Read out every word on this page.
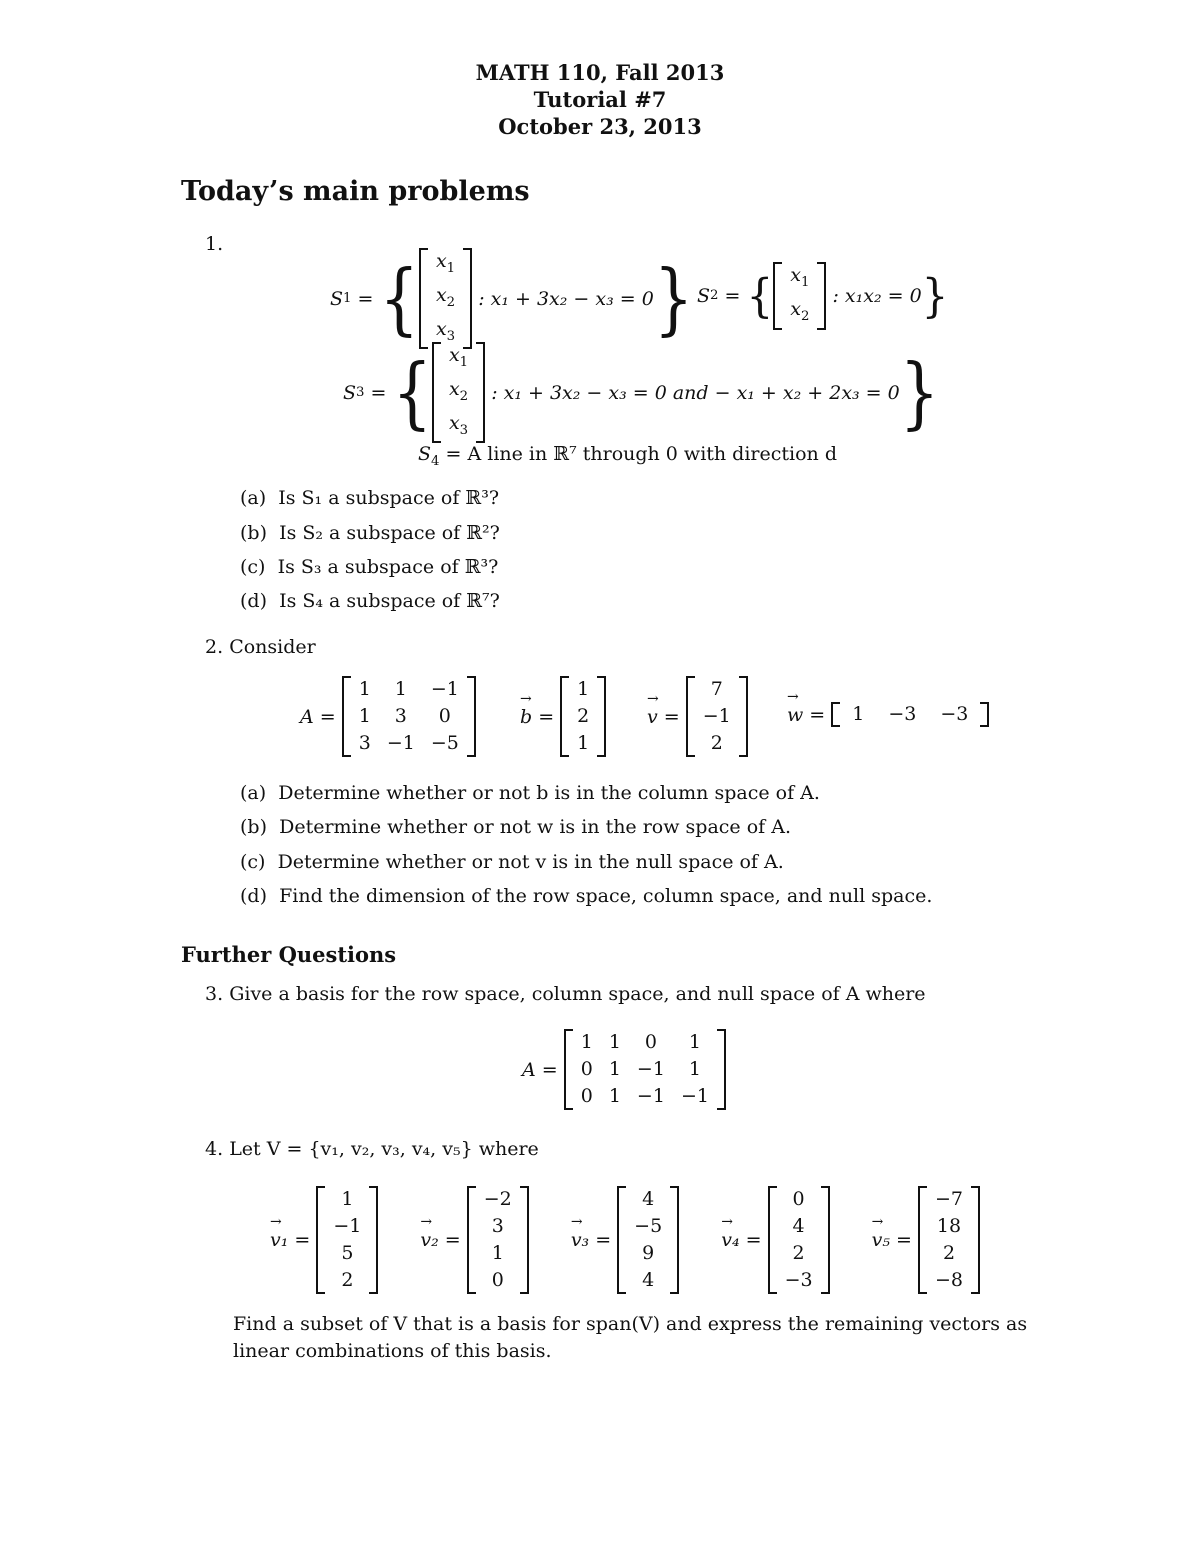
MATH 110, Fall 2013
Tutorial #7
October 23, 2013
Today’s main problems
1.
S 1 = { $x_1$
$x_2$
$x_3$

: x₁ + 3x₂ − x₃ = 0 } S 2 = { $x_1$
$x_2$

: x₁x₂ = 0 }
S 3 = { $x_1$
$x_2$
$x_3$

: x₁ + 3x₂ − x₃ = 0 and − x₁ + x₂ + 2x₃ = 0 }
$S_4 = A$ line in ℝ⁷ through 0 with direction d
(a) Is S₁ a subspace of ℝ³?
(b) Is S₂ a subspace of ℝ²?
(c) Is S₃ a subspace of ℝ³?
(d) Is S₄ a subspace of ℝ⁷?
2. Consider
A =
1	1	−1
1	3	0
3	−1	−5
→ b =
1
2
1
→ v =
7
−1
2
→ w = 1	−3	−3
(a) Determine whether or not b is in the column space of A.
(b) Determine whether or not w is in the row space of A.
(c) Determine whether or not v is in the null space of A.
(d) Find the dimension of the row space, column space, and null space.
Further Questions
3. Give a basis for the row space, column space, and null space of A where
A =
1	1	0	1
0	1	−1	1
0	1	−1	−1
4. Let V = {v₁, v₂, v₃, v₄, v₅} where
→ v₁ =
1
−1
5
2
→ v₂ =
−2
3
1
0
→ v₃ =
4
−5
9
4
→ v₄ =
0
4
2
−3
→ v₅ =
−7
18
2
−8
Find a subset of V that is a basis for span(V) and express the remaining vectors as
linear combinations of this basis.
